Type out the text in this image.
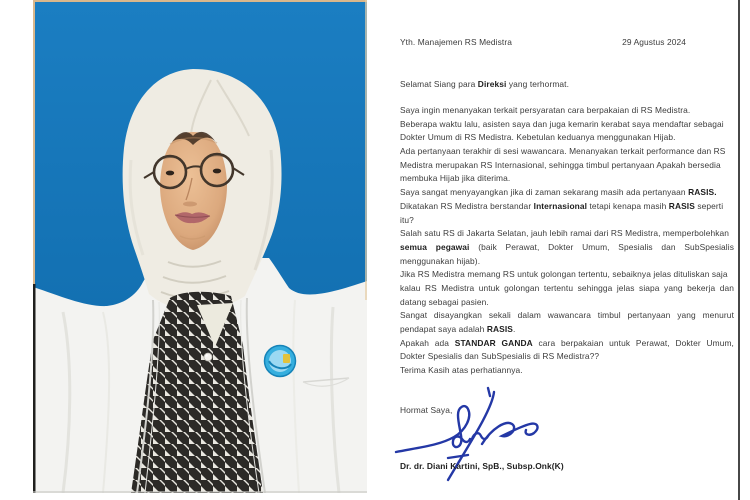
Yth. Manajemen RS Medistra	29 Agustus 2024
Selamat Siang para Direksi yang terhormat.
Saya ingin menanyakan terkait persyaratan cara berpakaian di RS Medistra.
Beberapa waktu lalu, asisten saya dan juga kemarin kerabat saya mendaftar sebagai
Dokter Umum di RS Medistra. Kebetulan keduanya menggunakan Hijab.
Ada pertanyaan terakhir di sesi wawancara. Menanyakan terkait performance dan RS
Medistra merupakan RS Internasional, sehingga timbul pertanyaan Apakah bersedia
membuka Hijab jika diterima.
Saya sangat menyayangkan jika di zaman sekarang masih ada pertanyaan RASIS.
Dikatakan RS Medistra berstandar Internasional tetapi kenapa masih RASIS seperti
itu?
Salah satu RS di Jakarta Selatan, jauh lebih ramai dari RS Medistra, memperbolehkan
semua pegawai (baik Perawat, Dokter Umum, Spesialis dan SubSpesialis
menggunakan hijab).
Jika RS Medistra memang RS untuk golongan tertentu, sebaiknya jelas dituliskan saja
kalau RS Medistra untuk golongan tertentu sehingga jelas siapa yang bekerja dan
datang sebagai pasien.
Sangat disayangkan sekali dalam wawancara timbul pertanyaan yang menurut
pendapat saya adalah RASIS.
Apakah ada STANDAR GANDA cara berpakaian untuk Perawat, Dokter Umum,
Dokter Spesialis dan SubSpesialis di RS Medistra??
Terima Kasih atas perhatiannya.
Hormat Saya,
Dr. dr. Diani Kartini, SpB., Subsp.Onk(K)
